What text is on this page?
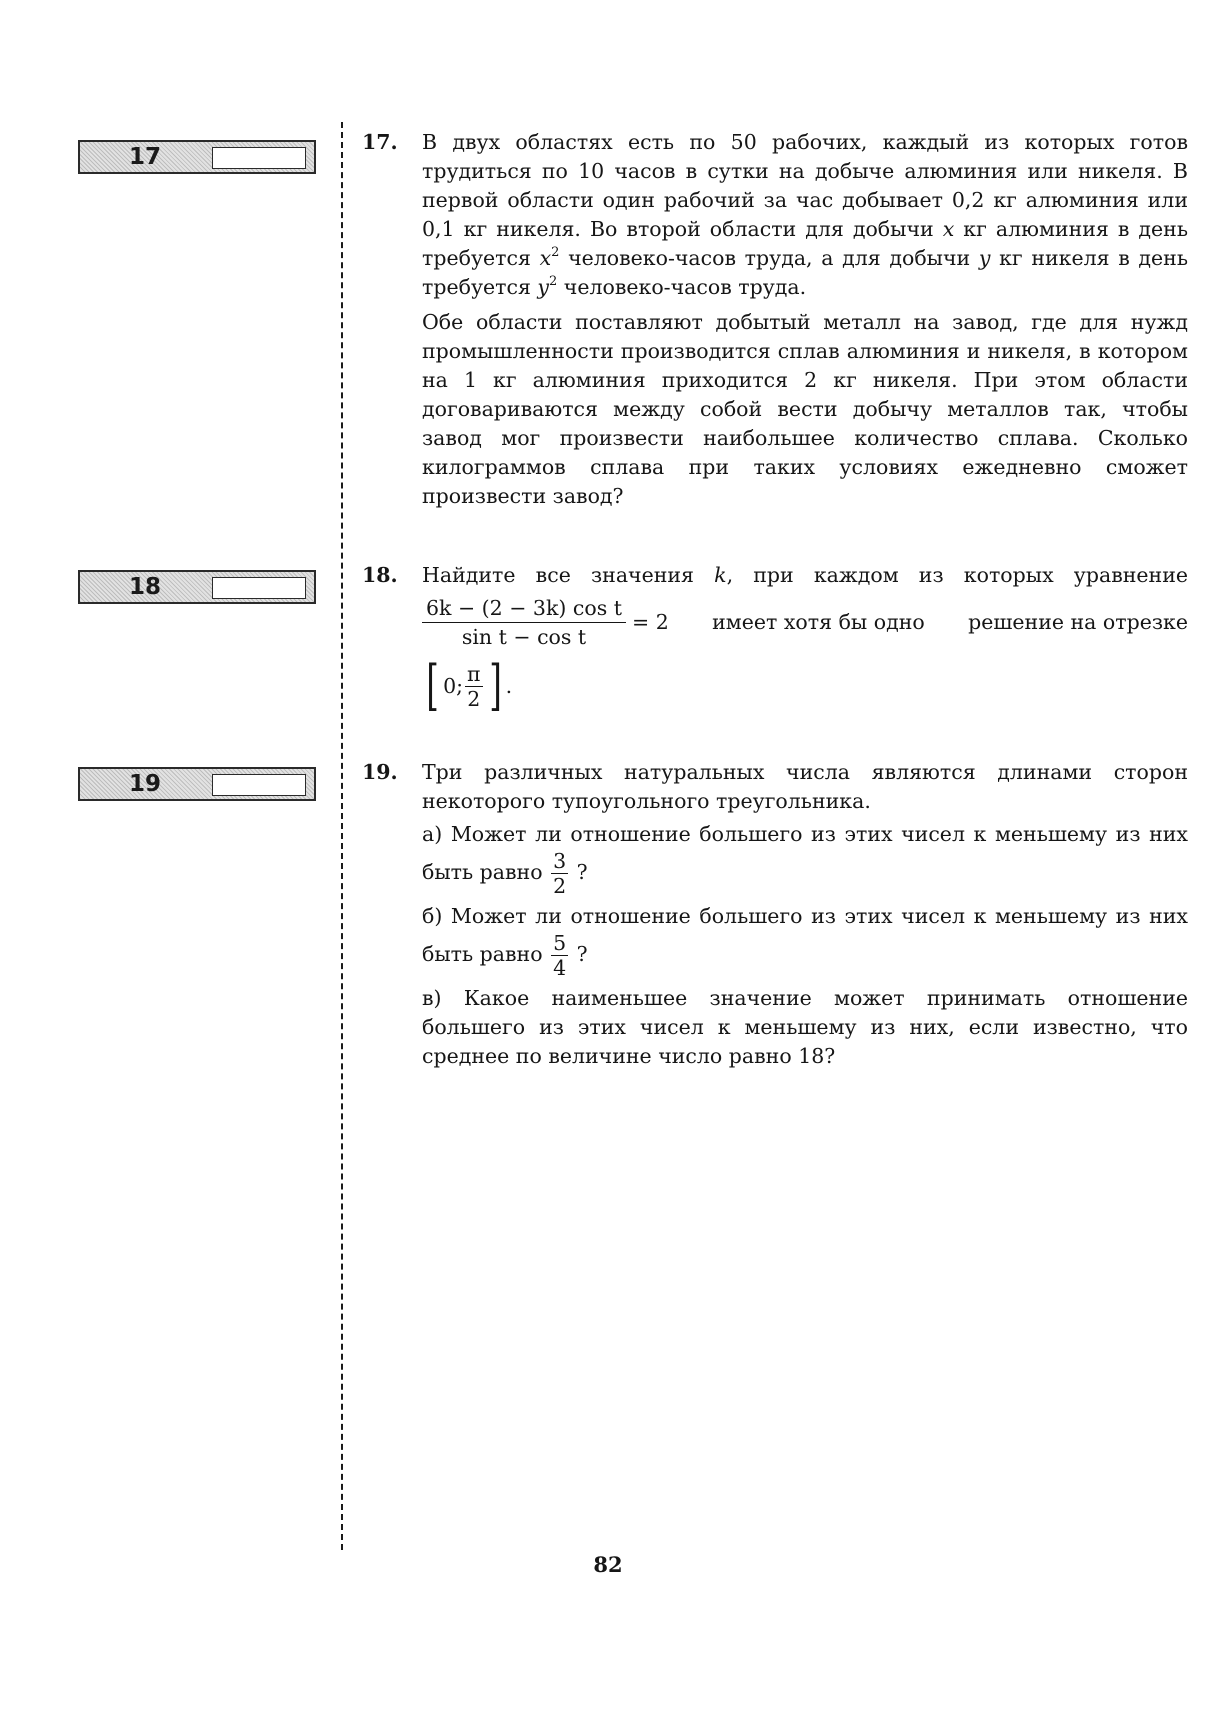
17
18
19
17. В двух областях есть по 50 рабочих, каждый из которых готов трудиться по 10 часов в сутки на добыче алюминия или никеля. В первой области один рабочий за час добывает 0,2 кг алюминия или 0,1 кг никеля. Во второй области для добычи x кг алюминия в день требуется $x^2$ человеко-часов труда, а для добычи y кг никеля в день требуется $y^2$ человеко-часов труда.

Обе области поставляют добытый металл на завод, где для нужд промышленности производится сплав алюминия и никеля, в котором на 1 кг алюминия приходится 2 кг никеля. При этом области договариваются между собой вести добычу металлов так, чтобы завод мог произвести наибольшее количество сплава. Сколько килограммов сплава при таких условиях ежедневно сможет произвести завод?

18. Найдите все значения k, при каждом из которых уравнение

$\frac{\text{6k − (2 − 3k) cos t}}{\text{sin t − cos t}} = 2$ имеет хотя бы одно решение на отрезке
[ 0; $\frac{\pi}{2}$ ] .
19. Три различных натуральных числа являются длинами сторон некоторого тупоугольного треугольника.

а) Может ли отношение большего из этих чисел к меньшему из них быть равно $\frac{3}{2}$ ?

б) Может ли отношение большего из этих чисел к меньшему из них быть равно $\frac{5}{4}$ ?

в) Какое наименьшее значение может принимать отношение большего из этих чисел к меньшему из них, если известно, что среднее по величине число равно 18?

82
